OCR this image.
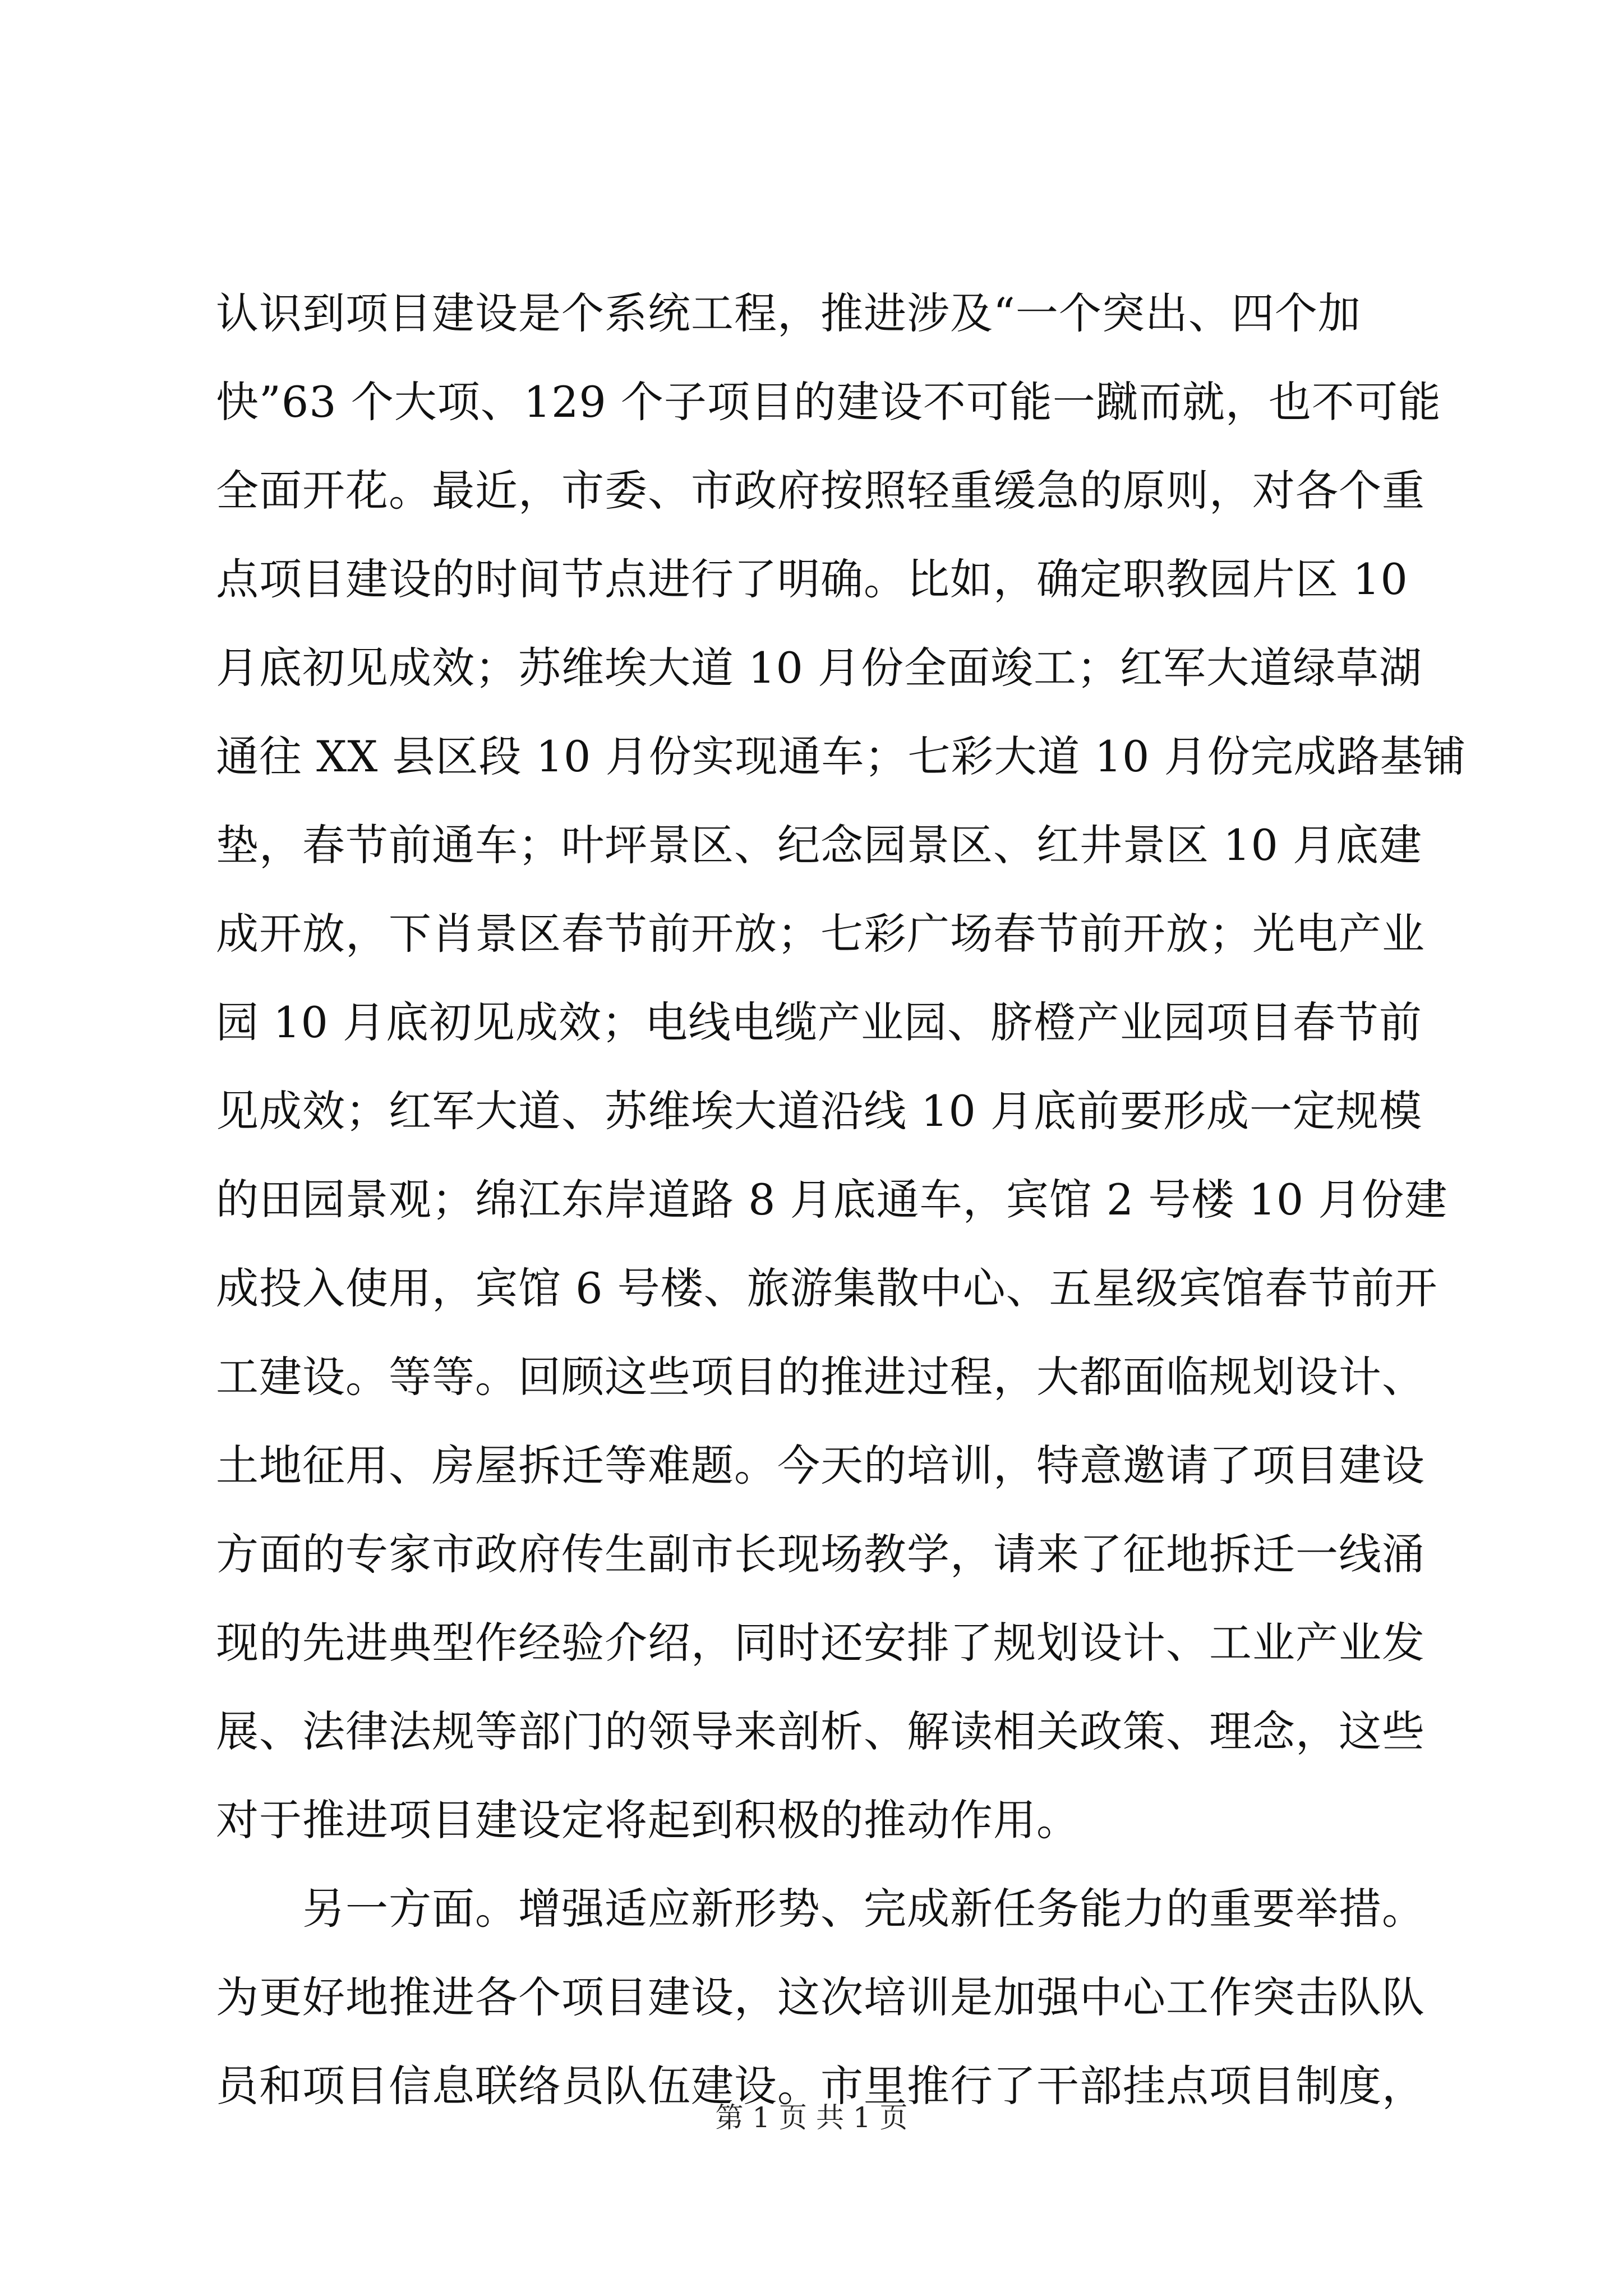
认识到项目建设是个系统工程，推进涉及“一个突出、四个加
快”63 个大项、129 个子项目的建设不可能一蹴而就，也不可能
全面开花。最近，市委、市政府按照轻重缓急的原则，对各个重
点项目建设的时间节点进行了明确。比如，确定职教园片区 10
月底初见成效；苏维埃大道 10 月份全面竣工；红军大道绿草湖
通往 XX 县区段 10 月份实现通车；七彩大道 10 月份完成路基铺
垫，春节前通车；叶坪景区、纪念园景区、红井景区 10 月底建
成开放，下肖景区春节前开放；七彩广场春节前开放；光电产业
园 10 月底初见成效；电线电缆产业园、脐橙产业园项目春节前
见成效；红军大道、苏维埃大道沿线 10 月底前要形成一定规模
的田园景观；绵江东岸道路 8 月底通车，宾馆 2 号楼 10 月份建
成投入使用，宾馆 6 号楼、旅游集散中心、五星级宾馆春节前开
工建设。等等。回顾这些项目的推进过程，大都面临规划设计、
土地征用、房屋拆迁等难题。今天的培训，特意邀请了项目建设
方面的专家市政府传生副市长现场教学，请来了征地拆迁一线涌
现的先进典型作经验介绍，同时还安排了规划设计、工业产业发
展、法律法规等部门的领导来剖析、解读相关政策、理念，这些
对于推进项目建设定将起到积极的推动作用。
　　另一方面。增强适应新形势、完成新任务能力的重要举措。
为更好地推进各个项目建设，这次培训是加强中心工作突击队队
员和项目信息联络员队伍建设。市里推行了干部挂点项目制度，
第 1 页 共 1 页
